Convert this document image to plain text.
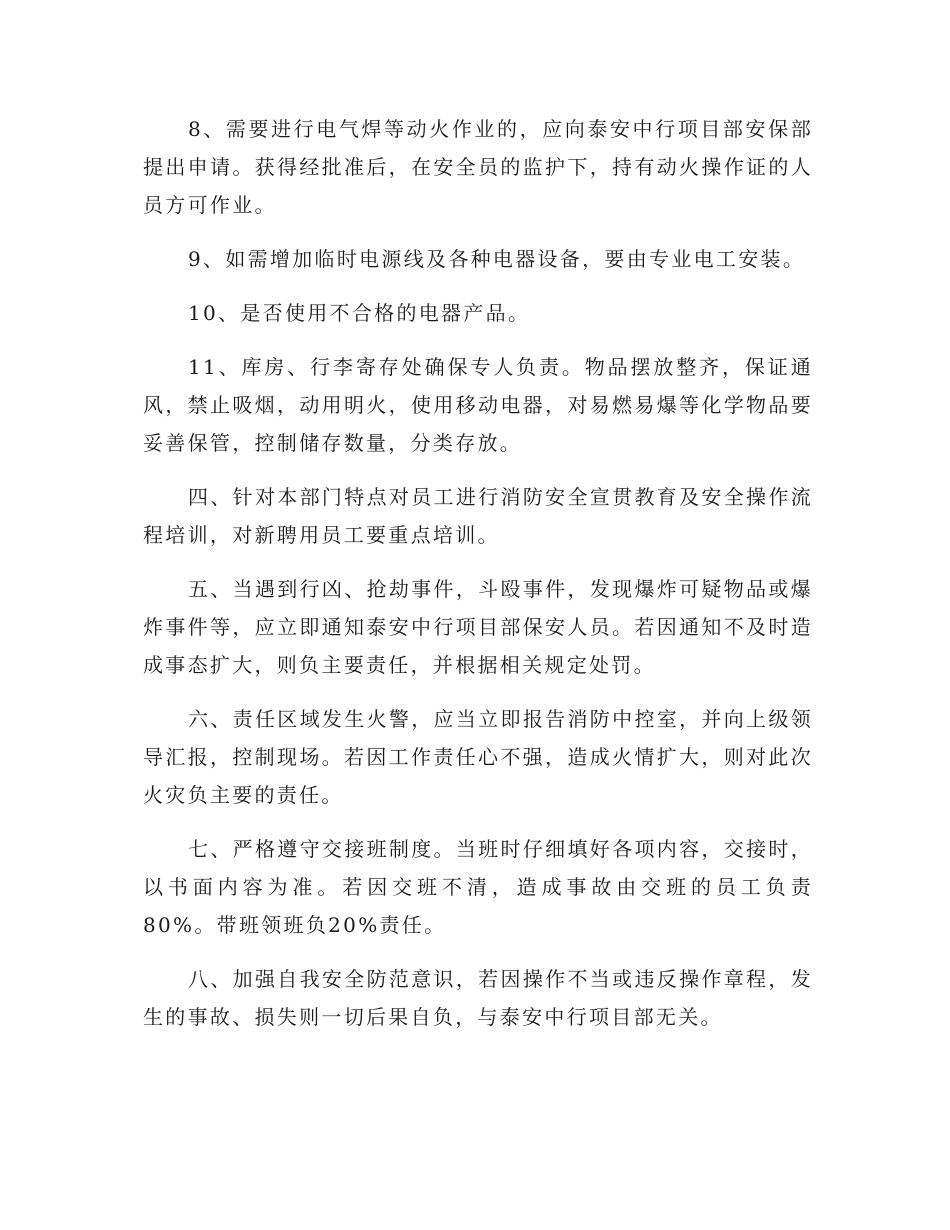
8、需要进行电气焊等动火作业的，应向泰安中行项目部安保部提出申请。获得经批准后，在安全员的监护下，持有动火操作证的人员方可作业。

9、如需增加临时电源线及各种电器设备，要由专业电工安装。

10、是否使用不合格的电器产品。

11、库房、行李寄存处确保专人负责。物品摆放整齐，保证通风，禁止吸烟，动用明火，使用移动电器，对易燃易爆等化学物品要妥善保管，控制储存数量，分类存放。

四、针对本部门特点对员工进行消防安全宣贯教育及安全操作流程培训，对新聘用员工要重点培训。

五、当遇到行凶、抢劫事件，斗殴事件，发现爆炸可疑物品或爆炸事件等，应立即通知泰安中行项目部保安人员。若因通知不及时造成事态扩大，则负主要责任，并根据相关规定处罚。

六、责任区域发生火警，应当立即报告消防中控室，并向上级领导汇报，控制现场。若因工作责任心不强，造成火情扩大，则对此次火灾负主要的责任。

七、严格遵守交接班制度。当班时仔细填好各项内容，交接时，以书面内容为准。若因交班不清，造成事故由交班的员工负责80%。带班领班负20%责任。

八、加强自我安全防范意识，若因操作不当或违反操作章程，发生的事故、损失则一切后果自负，与泰安中行项目部无关。
